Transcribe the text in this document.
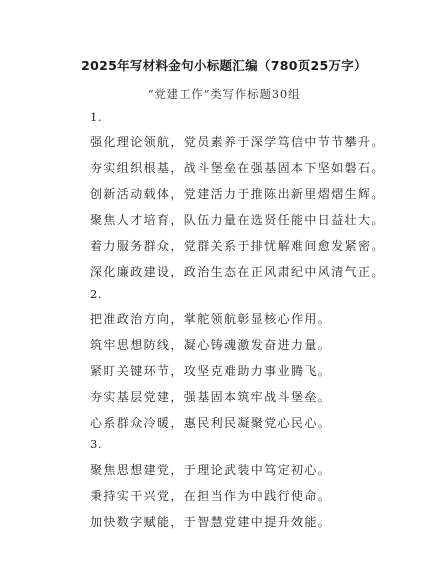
2025年写材料金句小标题汇编（780页25万字）
“党建工作”类写作标题30组
1.
强化理论领航，党员素养于深学笃信中节节攀升。
夯实组织根基，战斗堡垒在强基固本下坚如磐石。
创新活动载体，党建活力于推陈出新里熠熠生辉。
聚焦人才培育，队伍力量在选贤任能中日益壮大。
着力服务群众，党群关系于排忧解难间愈发紧密。
深化廉政建设，政治生态在正风肃纪中风清气正。
2.
把准政治方向，掌舵领航彰显核心作用。
筑牢思想防线，凝心铸魂激发奋进力量。
紧盯关键环节，攻坚克难助力事业腾飞。
夯实基层党建，强基固本筑牢战斗堡垒。
心系群众冷暖，惠民利民凝聚党心民心。
3.
聚焦思想建党，于理论武装中笃定初心。
秉持实干兴党，在担当作为中践行使命。
加快数字赋能，于智慧党建中提升效能。
